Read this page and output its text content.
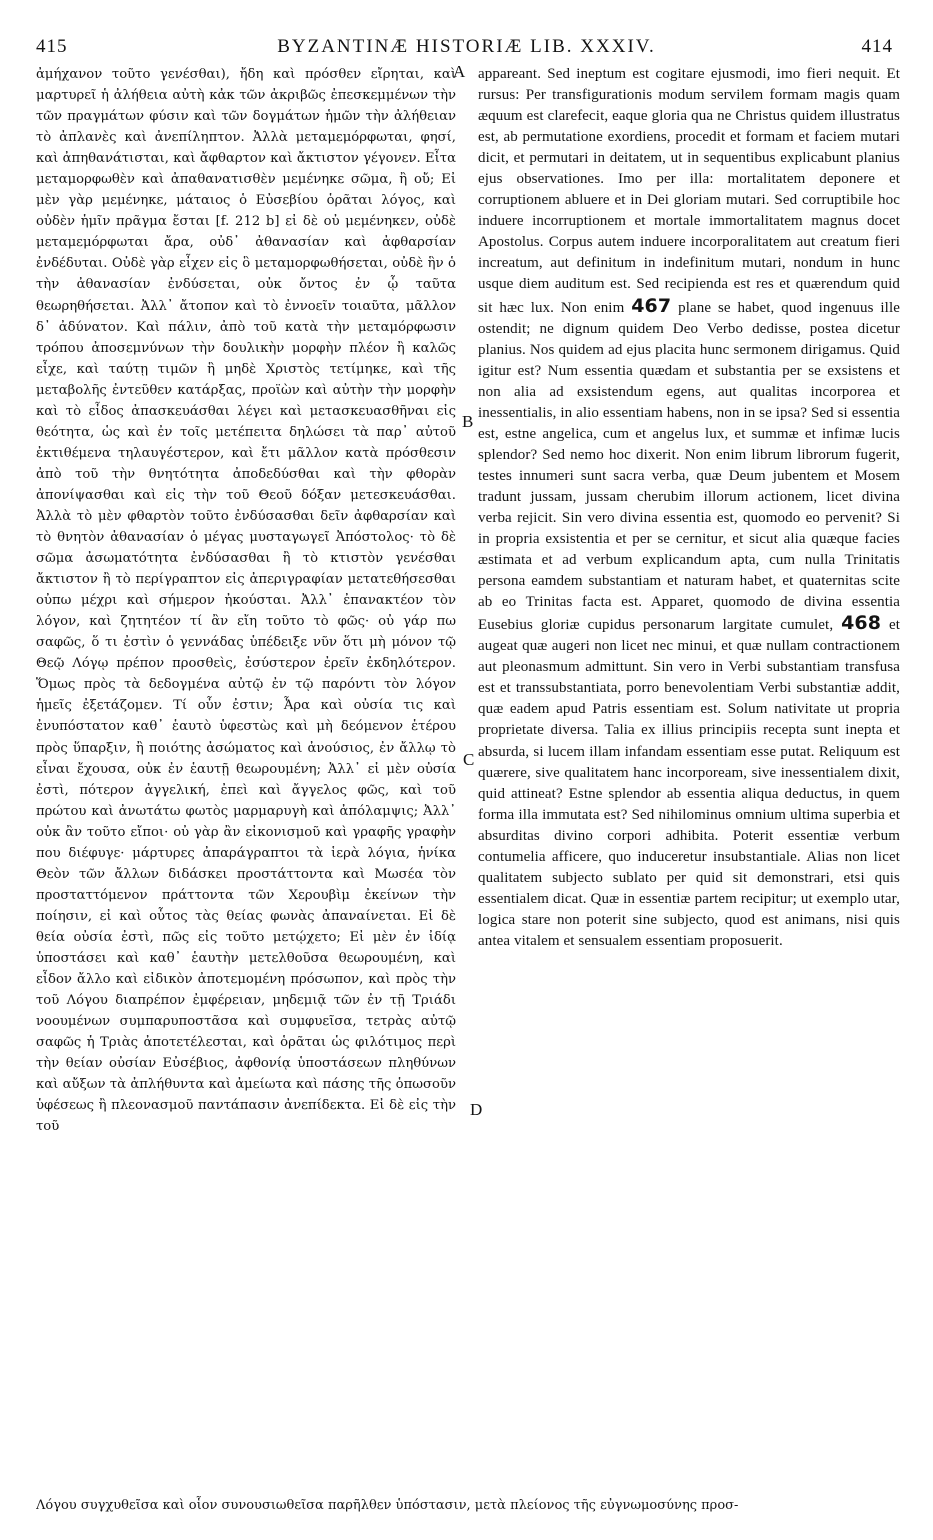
415	BYZANTINÆ HISTORIÆ LIB. XXXIV.	414

ἀμήχανον τοῦτο γενέσθαι), ἤδη καὶ πρόσθεν εἴρηται, καὶ μαρτυρεῖ ἡ ἀλήθεια αὐτὴ κἀκ τῶν ἀκριβῶς ἐπεσκεμμένων τὴν τῶν πραγμάτων φύσιν καὶ τῶν δογμάτων ἡμῶν τὴν ἀλήθειαν τὸ ἀπλανὲς καὶ ἀνεπίληπτον. Ἀλλὰ μεταμεμόρφωται, φησί, καὶ ἀπηθανάτισται, καὶ ἄφθαρτον καὶ ἄκτιστον γέγονεν. Εἶτα μεταμορφωθὲν καὶ ἀπαθανατισθὲν μεμένηκε σῶμα, ἢ οὔ; Εἰ μὲν γὰρ μεμένηκε, μάταιος ὁ Εὐσεβίου ὁρᾶται λόγος, καὶ οὐδὲν ἡμῖν πρᾶγμα ἔσται [f. 212 b] εἰ δὲ οὐ μεμένηκεν, οὐδὲ μεταμεμόρφωται ἄρα, οὐδ᾽ ἀθανασίαν καὶ ἀφθαρσίαν ἐνδέδυται. Οὐδὲ γὰρ εἶχεν εἰς ὃ μεταμορφωθήσεται, οὐδὲ ἣν ὁ τὴν ἀθανασίαν ἐνδύσεται, οὐκ ὄντος ἐν ᾧ ταῦτα θεωρηθήσεται. Ἀλλ᾽ ἄτοπον καὶ τὸ ἐννοεῖν τοιαῦτα, μᾶλλον δ᾽ ἀδύνατον. Καὶ πάλιν, ἀπὸ τοῦ κατὰ τὴν μεταμόρφωσιν τρόπου ἀποσεμνύνων τὴν δουλικὴν μορφὴν πλέον ἢ καλῶς εἶχε, καὶ ταύτῃ τιμῶν ἣ μηδὲ Χριστὸς τετίμηκε, καὶ τῆς μεταβολῆς ἐντεῦθεν κατάρξας, προϊὼν καὶ αὐτὴν τὴν μορφὴν καὶ τὸ εἶδος ἀπασκευάσθαι λέγει καὶ μετασκευασθῆναι εἰς θεότητα, ὡς καὶ ἐν τοῖς μετέπειτα δηλώσει τὰ παρ᾽ αὐτοῦ ἐκτιθέμενα τηλαυγέστερον, καὶ ἔτι μᾶλλον κατὰ πρόσθεσιν ἀπὸ τοῦ τὴν θνητότητα ἀποδεδύσθαι καὶ τὴν φθορὰν ἀπονίψασθαι καὶ εἰς τὴν τοῦ Θεοῦ δόξαν μετεσκευάσθαι. Ἀλλὰ τὸ μὲν φθαρτὸν τοῦτο ἐνδύσασθαι δεῖν ἀφθαρσίαν καὶ τὸ θνητὸν ἀθανασίαν ὁ μέγας μυσταγωγεῖ Ἀπόστολος· τὸ δὲ σῶμα ἀσωματότητα ἐνδύσασθαι ἢ τὸ κτιστὸν γενέσθαι ἄκτιστον ἢ τὸ περίγραπτον εἰς ἀπεριγραφίαν μετατεθήσεσθαι οὐπω μέχρι καὶ σήμερον ἠκούσται. Ἀλλ᾽ ἐπανακτέον τὸν λόγον, καὶ ζητητέον τί ἂν εἴη τοῦτο τὸ φῶς· οὐ γάρ πω σαφῶς, ὅ τι ἐστὶν ὁ γεννάδας ὑπέδειξε νῦν ὅτι μὴ μόνον τῷ Θεῷ Λόγῳ πρέπον προσθεὶς, ἐσύστερον ἐρεῖν ἐκδηλότερον. Ὅμως πρὸς τὰ δεδογμένα αὐτῷ ἐν τῷ παρόντι τὸν λόγον ἡμεῖς ἐξετάζομεν. Τί οὖν ἐστιν; Ἆρα καὶ οὐσία τις καὶ ἐνυπόστατον καθ᾽ ἑαυτὸ ὑφεστὼς καὶ μὴ δεόμενον ἑτέρου πρὸς ὕπαρξιν, ἢ ποιότης ἀσώματος καὶ ἀνούσιος, ἐν ἄλλῳ τὸ εἶναι ἔχουσα, οὐκ ἐν ἑαυτῇ θεωρουμένη; Ἀλλ᾽ εἰ μὲν οὐσία ἐστὶ, πότερον ἀγγελική, ἐπεὶ καὶ ἄγγελος φῶς, καὶ τοῦ πρώτου καὶ ἀνωτάτω φωτὸς μαρμαρυγὴ καὶ ἀπόλαμψις; Ἀλλ᾽ οὐκ ἂν τοῦτο εἴποι· οὐ γὰρ ἂν εἰκονισμοῦ καὶ γραφῆς γραφὴν που διέφυγε· μάρτυρες ἀπαράγραπτοι τὰ ἱερὰ λόγια, ἡνίκα Θεὸν τῶν ἄλλων διδάσκει προστάττοντα καὶ Μωσέα τὸν προσταττόμενον πράττοντα τῶν Χερουβὶμ ἐκείνων τὴν ποίησιν, εἰ καὶ οὗτος τὰς θείας φωνὰς ἀπαναίνεται. Εἰ δὲ θεία οὐσία ἐστὶ, πῶς εἰς τοῦτο μετῴχετο; Εἰ μὲν ἐν ἰδίᾳ ὑποστάσει καὶ καθ᾽ ἑαυτὴν μετελθοῦσα θεωρουμένη, καὶ εἶδον ἄλλο καὶ εἰδικὸν ἀποτεμομένη πρόσωπον, καὶ πρὸς τὴν τοῦ Λόγου διαπρέπον ἐμφέρειαν, μηδεμιᾷ τῶν ἐν τῇ Τριάδι νοουμένων συμπαρυποστᾶσα καὶ συμφυεῖσα, τετρὰς αὐτῷ σαφῶς ἡ Τριὰς ἀποτετέλεσται, καὶ ὁρᾶται ὡς φιλότιμος περὶ τὴν θείαν οὐσίαν Εὐσέβιος, ἀφθονίᾳ ὑποστάσεων πληθύνων καὶ αὔξων τὰ ἀπλήθυντα καὶ ἀμείωτα καὶ πάσης τῆς ὁπωσοῦν ὑφέσεως ἢ πλεονασμοῦ παντάπασιν ἀνεπίδεκτα. Εἰ δὲ εἰς τὴν τοῦ

A
B
C
D

appareant. Sed ineptum est cogitare ejusmodi, imo fieri nequit. Et rursus: Per transfigurationis modum servilem formam magis quam æquum est clarefecit, eaque gloria qua ne Christus quidem illustratus est, ab permutatione exordiens, procedit et formam et faciem mutari dicit, et permutari in deitatem, ut in sequentibus explicabunt planius ejus observationes. Imo per illa: mortalitatem deponere et corruptionem abluere et in Dei gloriam mutari. Sed corruptibile hoc induere incorruptionem et mortale immortalitatem magnus docet Apostolus. Corpus autem induere incorporalitatem aut creatum fieri increatum, aut definitum in indefinitum mutari, nondum in hunc usque diem auditum est. Sed recipienda est res et quærendum quid sit hæc lux. Non enim 467 plane se habet, quod ingenuus ille ostendit; ne dignum quidem Deo Verbo dedisse, postea dicetur planius. Nos quidem ad ejus placita hunc sermonem dirigamus. Quid igitur est? Num essentia quædam et substantia per se exsistens et non alia ad exsistendum egens, aut qualitas incorporea et inessentialis, in alio essentiam habens, non in se ipsa? Sed si essentia est, estne angelica, cum et angelus lux, et summæ et infimæ lucis splendor? Sed nemo hoc dixerit. Non enim librum librorum fugerit, testes innumeri sunt sacra verba, quæ Deum jubentem et Mosem tradunt jussam, jussam cherubim illorum actionem, licet divina verba rejicit. Sin vero divina essentia est, quomodo eo pervenit? Si in propria exsistentia et per se cernitur, et sicut alia quæque facies æstimata et ad verbum explicandum apta, cum nulla Trinitatis persona eamdem substantiam et naturam habet, et quaternitas scite ab eo Trinitas facta est. Apparet, quomodo de divina essentia Eusebius gloriæ cupidus personarum largitate cumulet, 468 et augeat quæ augeri non licet nec minui, et quæ nullam contractionem aut pleonasmum admittunt. Sin vero in Verbi substantiam transfusa est et transsubstantiata, porro benevolentiam Verbi substantiæ addit, quæ eadem apud Patris essentiam est. Solum nativitate ut propria proprietate diversa. Talia ex illius principiis recepta sunt inepta et absurda, si lucem illam infandam essentiam esse putat. Reliquum est quærere, sive qualitatem hanc incorpoream, sive inessentialem dixit, quid attineat? Estne splendor ab essentia aliqua deductus, in quem forma illa immutata est? Sed nihilominus omnium ultima superbia et absurditas divino corpori adhibita. Poterit essentiæ verbum contumelia afficere, quo induceretur insubstantiale. Alias non licet qualitatem subjecto sublato per quid sit demonstrari, etsi quis essentialem dicat. Quæ in essentiæ partem recipitur; ut exemplo utar, logica stare non poterit sine subjecto, quod est animans, nisi quis antea vitalem et sensualem essentiam proposuerit.

Λόγου συγχυθεῖσα καὶ οἷον συνουσιωθεῖσα παρῆλθεν ὑπόστασιν, μετὰ πλείονος τῆς εὐγνωμοσύνης προσ-
